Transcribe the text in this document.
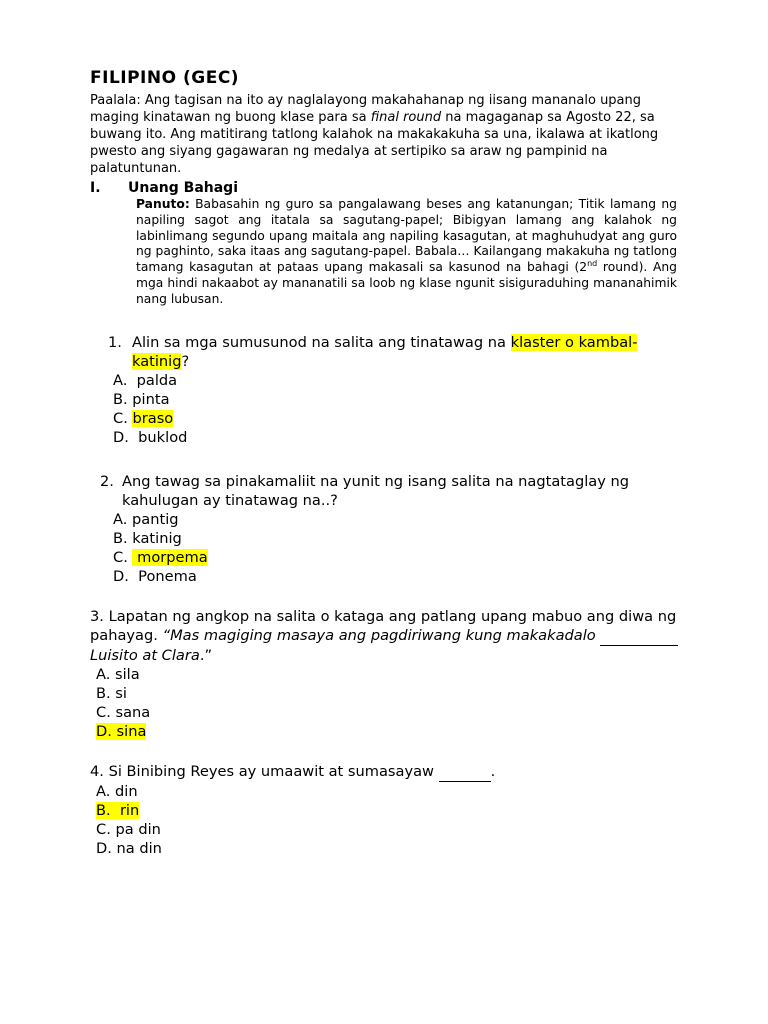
FILIPINO (GEC)

Paalala: Ang tagisan na ito ay naglalayong makahahanap ng iisang mananalo upang maging kinatawan ng buong klase para sa final round na magaganap sa Agosto 22, sa buwang ito. Ang matitirang tatlong kalahok na makakakuha sa una, ikalawa at ikatlong pwesto ang siyang gagawaran ng medalya at sertipiko sa araw ng pampinid na palatuntunan.

I.	Unang Bahagi

Panuto: Babasahin ng guro sa pangalawang beses ang katanungan; Titik lamang ng napiling sagot ang itatala sa sagutang-papel; Bibigyan lamang ang kalahok ng labinlimang segundo upang maitala ang napiling kasagutan, at maghuhudyat ang guro ng paghinto, saka itaas ang sagutang-papel. Babala… Kailangang makakuha ng tatlong tamang kasagutan at pataas upang makasali sa kasunod na bahagi (2nd round). Ang mga hindi nakaabot ay mananatili sa loob ng klase ngunit sisiguraduhing mananahimik nang lubusan.

1. Alin sa mga sumusunod na salita ang tinatawag na klaster o kambal-katinig?
A. palda
B. pinta
C. braso
D. buklod
2. Ang tawag sa pinakamaliit na yunit ng isang salita na nagtataglay ng kahulugan ay tinatawag na..?
A. pantig
B. katinig
C. morpema
D. Ponema
3. Lapatan ng angkop na salita o kataga ang patlang upang mabuo ang diwa ng pahayag. “Mas magiging masaya ang pagdiriwang kung makakadalo   Luisito at Clara.”
A. sila
B. si
C. sana
D. sina
4. Si Binibing Reyes ay umaawit at sumasayaw	.
A. din
B. rin
C. pa din
D. na din
